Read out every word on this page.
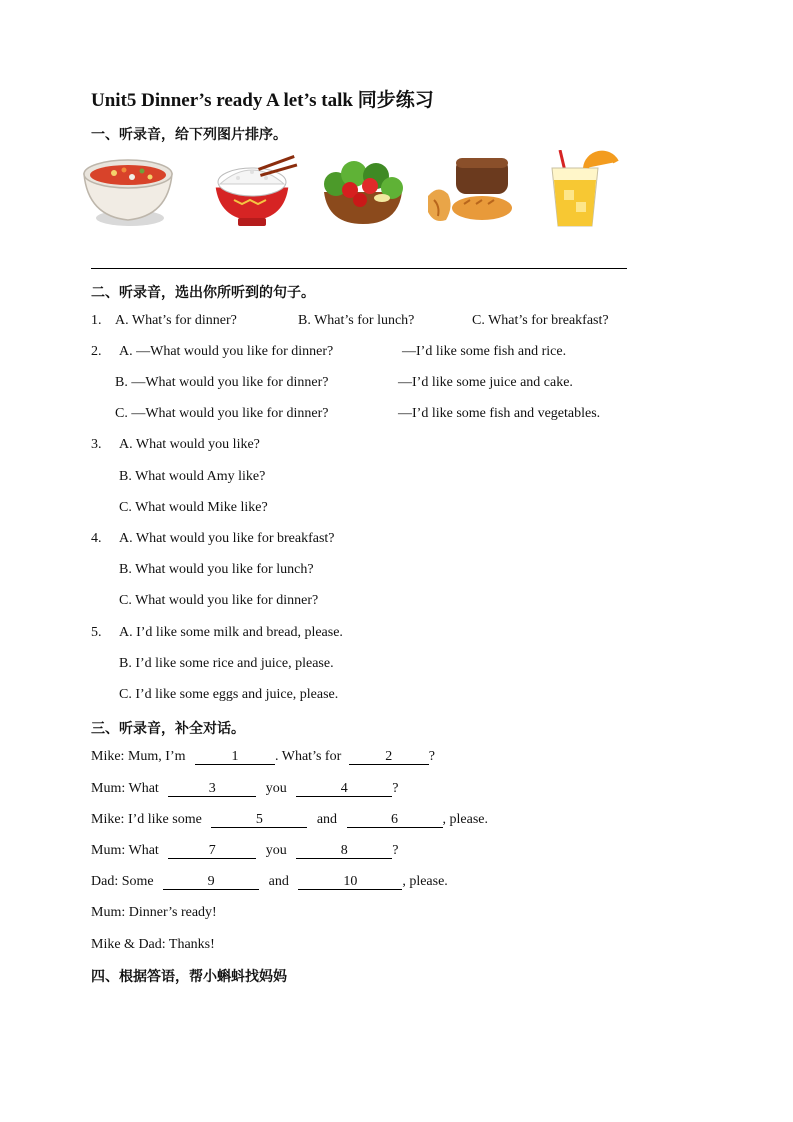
Unit5 Dinner’s ready A let’s talk 同步练习
一、听录音，给下列图片排序。
二、听录音，选出你所听到的句子。
1. A. What’s for dinner?	B. What’s for lunch?	C. What’s for breakfast?
2. A. —What would you like for dinner?	—I’d like some fish and rice.
B. —What would you like for dinner?	—I’d like some juice and cake.
C. —What would you like for dinner?	—I’d like some fish and vegetables.
3. A. What would you like?
B. What would Amy like?
C. What would Mike like?
4. A. What would you like for breakfast?
B. What would you like for lunch?
C. What would you like for dinner?
5. A. I’d like some milk and bread, please.
B. I’d like some rice and juice, please.
C. I’d like some eggs and juice, please.
三、听录音，补全对话。
Mike: Mum, I’m	1	. What’s for	2	?
Mum: What	3	you	4	?
Mike: I’d like some	5	and	6	, please.
Mum: What	7	you	8	?
Dad: Some	9	and	10	, please.
Mum: Dinner’s ready!
Mike & Dad: Thanks!
四、根据答语，帮小蝌蚪找妈妈
